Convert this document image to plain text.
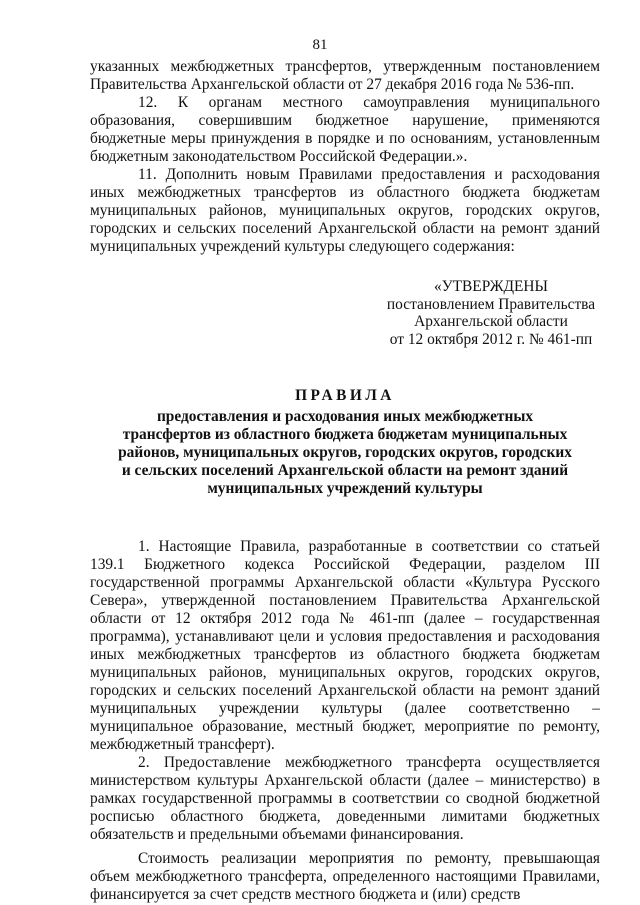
81

указанных межбюджетных трансфертов, утвержденным постановлением Правительства Архангельской области от 27 декабря 2016 года № 536-пп.

12. К органам местного самоуправления муниципального образования, совершившим бюджетное нарушение, применяются бюджетные меры принуждения в порядке и по основаниям, установленным бюджетным законодательством Российской Федерации.».

11. Дополнить новым Правилами предоставления и расходования иных межбюджетных трансфертов из областного бюджета бюджетам муниципальных районов, муниципальных округов, городских округов, городских и сельских поселений Архангельской области на ремонт зданий муниципальных учреждений культуры следующего содержания:

«УТВЕРЖДЕНЫ
постановлением Правительства
Архангельской области
от 12 октября 2012 г. № 461-пп
ПРАВИЛА
предоставления и расходования иных межбюджетных
трансфертов из областного бюджета бюджетам муниципальных
районов, муниципальных округов, городских округов, городских
и сельских поселений Архангельской области на ремонт зданий
муниципальных учреждений культуры

1. Настоящие Правила, разработанные в соответствии со статьей 139.1 Бюджетного кодекса Российской Федерации, разделом III государственной программы Архангельской области «Культура Русского Севера», утвержденной постановлением Правительства Архангельской области от 12 октября 2012 года № 461-пп (далее – государственная программа), устанавливают цели и условия предоставления и расходования иных межбюджетных трансфертов из областного бюджета бюджетам муниципальных районов, муниципальных округов, городских округов, городских и сельских поселений Архангельской области на ремонт зданий муниципальных учреждении культуры (далее соответственно – муниципальное образование, местный бюджет, мероприятие по ремонту, межбюджетный трансферт).

2. Предоставление межбюджетного трансферта осуществляется министерством культуры Архангельской области (далее – министерство) в рамках государственной программы в соответствии со сводной бюджетной росписью областного бюджета, доведенными лимитами бюджетных обязательств и предельными объемами финансирования.

Стоимость реализации мероприятия по ремонту, превышающая объем межбюджетного трансферта, определенного настоящими Правилами, финансируется за счет средств местного бюджета и (или) средств
